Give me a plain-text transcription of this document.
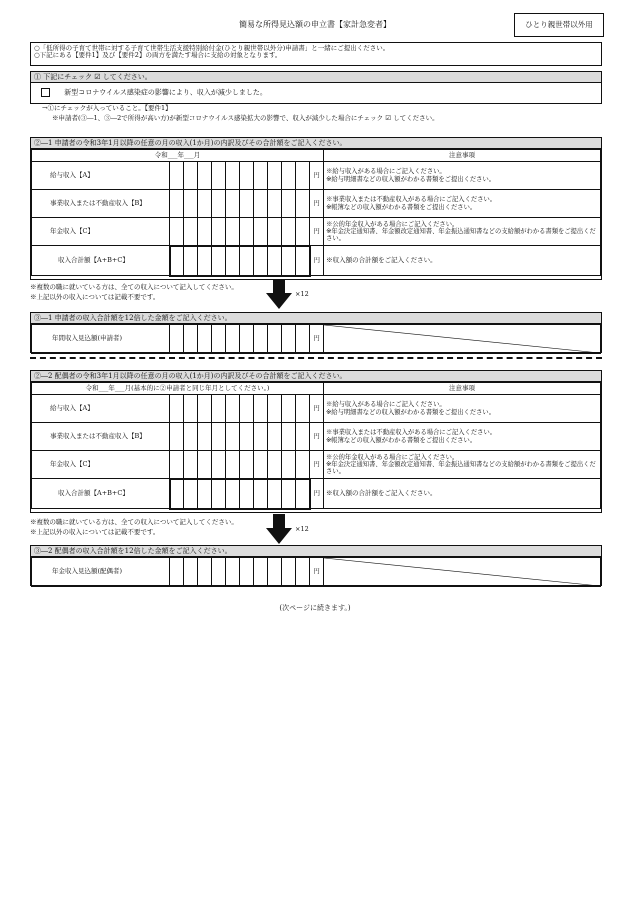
簡易な所得見込額の申立書【家計急変者】	ひとり親世帯以外用
○「低所得の子育て世帯に対する子育て世帯生活支援特別給付金(ひとり親世帯以外分)申請書」と一緒にご提出ください。
○下記にある【要件1】及び【要件2】の両方を満たす場合に支給の対象となります。
① 下記にチェック ☑ してください。
新型コロナウイルス感染症の影響により、収入が減少しました。
→①にチェックが入っていること。【要件1】
※申請者(③―1、③―2で所得が高い方)が新型コロナウイルス感染拡大の影響で、収入が減少した場合にチェック ☑ してください。
②―1 申請者の令和3年1月以降の任意の月の収入(1か月)の内訳及びその合計額をご記入ください。
令和___年___月												注意事項
給与収入【A】											円	※給与収入がある場合にご記入ください。
※給与明細書などの収入額がわかる書類をご提出ください。
事業収入または不動産収入【B】											円	※事業収入または不動産収入がある場合にご記入ください。
※帳簿などの収入額がわかる書類をご提出ください。
年金収入【C】											円	※公的年金収入がある場合にご記入ください。
※年金決定通知書、年金額改定通知書、年金振込通知書などの支給額がわかる書類をご提出ください。
収入合計額【A+B+C】											円	※収入額の合計額をご記入ください。
※複数の職に就いている方は、全ての収入について記入してください。
※上記以外の収入については記載不要です。	×12
③―1 申請者の収入合計額を12倍した金額をご記入ください。
年間収入見込額(申請者)											円	
②―2 配偶者の令和3年1月以降の任意の月の収入(1か月)の内訳及びその合計額をご記入ください。
令和___年___月(基本的に②申請者と同じ年月としてください。)												注意事項
給与収入【A】											円	※給与収入がある場合にご記入ください。
※給与明細書などの収入額がわかる書類をご提出ください。
事業収入または不動産収入【B】											円	※事業収入または不動産収入がある場合にご記入ください。
※帳簿などの収入額がわかる書類をご提出ください。
年金収入【C】											円	※公的年金収入がある場合にご記入ください。
※年金決定通知書、年金額改定通知書、年金振込通知書などの支給額がわかる書類をご提出ください。
収入合計額【A+B+C】											円	※収入額の合計額をご記入ください。
※複数の職に就いている方は、全ての収入について記入してください。
※上記以外の収入については記載不要です。	×12
③―2 配偶者の収入合計額を12倍した金額をご記入ください。
年金収入見込額(配偶者)											円	
(次ページに続きます。)
